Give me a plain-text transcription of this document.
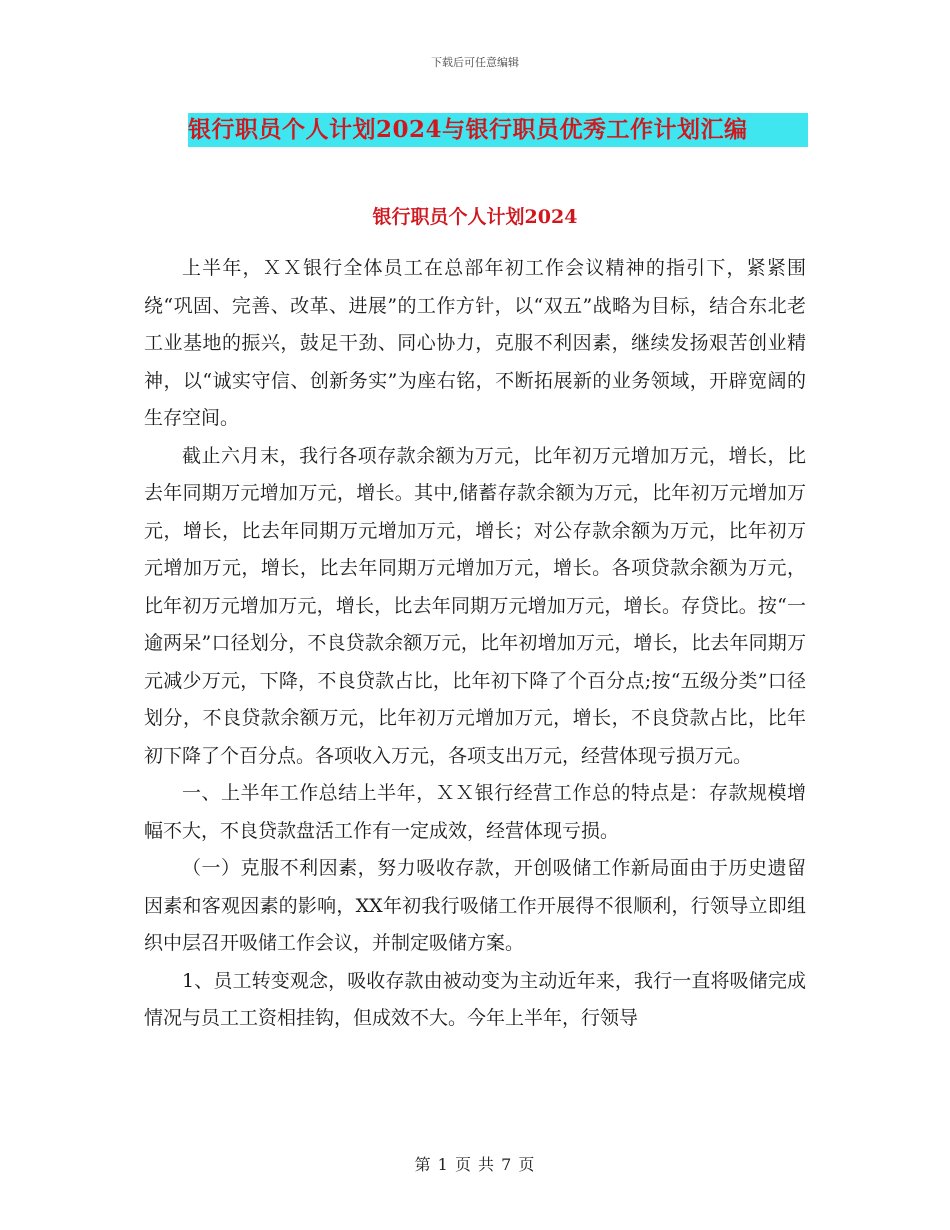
下载后可任意编辑
银行职员个人计划2024与银行职员优秀工作计划汇编
银行职员个人计划2024

上半年，ＸＸ银行全体员工在总部年初工作会议精神的指引下，紧紧围绕“巩固、完善、改革、进展”的工作方针，以“双五”战略为目标，结合东北老工业基地的振兴，鼓足干劲、同心协力，克服不利因素，继续发扬艰苦创业精神，以“诚实守信、创新务实”为座右铭，不断拓展新的业务领域，开辟宽阔的生存空间。

截止六月末，我行各项存款余额为万元，比年初万元增加万元，增长，比去年同期万元增加万元，增长。其中,储蓄存款余额为万元，比年初万元增加万元，增长，比去年同期万元增加万元，增长；对公存款余额为万元，比年初万元增加万元，增长，比去年同期万元增加万元，增长。各项贷款余额为万元，比年初万元增加万元，增长，比去年同期万元增加万元，增长。存贷比。按“一逾两呆”口径划分，不良贷款余额万元，比年初增加万元，增长，比去年同期万元减少万元，下降，不良贷款占比，比年初下降了个百分点;按“五级分类”口径划分，不良贷款余额万元，比年初万元增加万元，增长，不良贷款占比，比年初下降了个百分点。各项收入万元，各项支出万元，经营体现亏损万元。

一、上半年工作总结上半年，ＸＸ银行经营工作总的特点是：存款规模增幅不大，不良贷款盘活工作有一定成效，经营体现亏损。

（一）克服不利因素，努力吸收存款，开创吸储工作新局面由于历史遗留因素和客观因素的影响，XX年初我行吸储工作开展得不很顺利，行领导立即组织中层召开吸储工作会议，并制定吸储方案。

1、员工转变观念，吸收存款由被动变为主动近年来，我行一直将吸储完成情况与员工工资相挂钩，但成效不大。今年上半年，行领导

第 1 页 共 7 页
